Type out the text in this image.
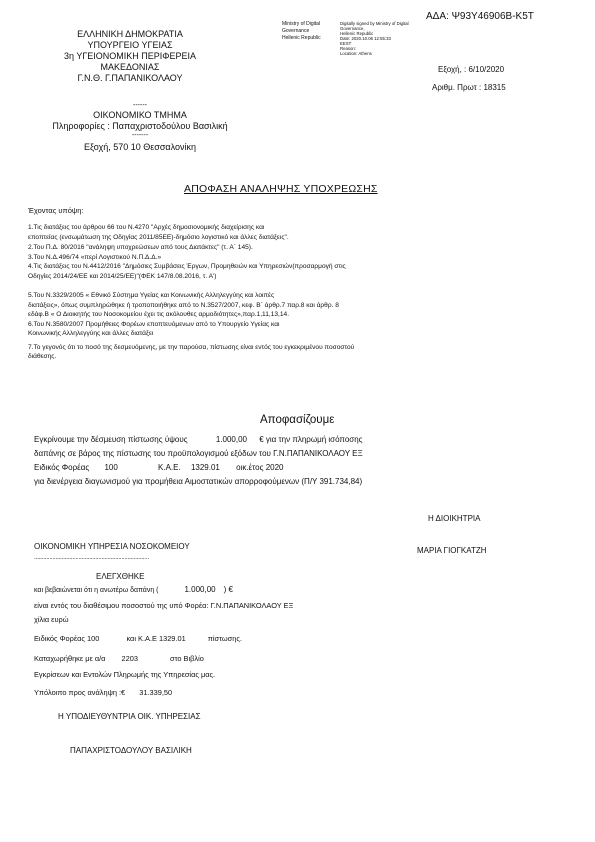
ΑΔΑ: Ψ93Υ46906Β-Κ5Τ
Ministry of Digital
Governance
Hellenic Republic
Digitally signed by Ministry of Digital
Governance,
Hellenic Republic
Date: 2020.10.06 12:55:33
EEST
Reason:
Location: Athens
ΕΛΛΗΝΙΚΗ ΔΗΜΟΚΡΑΤΙΑ
ΥΠΟΥΡΓΕΙΟ ΥΓΕΙΑΣ
3η ΥΓΕΙΟΝΟΜΙΚΗ ΠΕΡΙΦΕΡΕΙΑ
ΜΑΚΕΔΟΝΙΑΣ
Γ.Ν.Θ. Γ.ΠΑΠΑΝΙΚΟΛΑΟΥ
Εξοχή, : 6/10/2020
Αριθμ. Πρωτ : 18315
------
ΟΙΚΟΝΟΜΙΚΟ ΤΜΗΜΑ
Πληροφορίες : Παπαχριστοδούλου Βασιλική
-------
Εξοχή, 570 10 Θεσσαλονίκη
ΑΠΟΦΑΣΗ ΑΝΑΛΗΨΗΣ ΥΠΟΧΡΕΩΣΗΣ
Έχοντας υπόψη:
1.Τις διατάξεις του άρθρου 66 του Ν.4270 "Αρχές δημοσιονομικής διαχείρισης και
εποπτείας (ενσωμάτωση της Οδηγίας 2011/85ΕΕ)-δημόσιο λογιστικό και άλλες διατάξεις".
2.Του Π.Δ. 80/2016 "ανάληψη υποχρεώσεων από τους Διατάκτες" (τ. Α΄ 145).
3.Του Ν.Δ.496/74 «περί Λογιστικού Ν.Π.Δ.Δ.»
4.Τις διατάξεις του Ν.4412/2016 "Δημόσιες Συμβάσεις Έργων, Προμηθειών και Υπηρεσιών(προσαρμογή στις
Οδηγίες 2014/24/ΕΕ και 2014/25/ΕΕ)"(ΦΕΚ 147/8.08.2016, τ. Α')
5.Του Ν.3329/2005 « Εθνικό Σύστημα Υγείας και Κοινωνικής Αλληλεγγύης και λοιπές
διατάξεις», όπως συμπληρώθηκε ή τροποποιήθηκε από το Ν.3527/2007, κεφ. Β΄ άρθρ.7 παρ.8 και άρθρ. 8
εδάφ.Β « Ο Διοικητής του Νοσοκομείου έχει τις ακόλουθες αρμοδιότητες»,παρ.1,11,13,14.
6.Του Ν.3580/2007 Προμήθειες Φορέων εποπτευόμενων από το Υπουργείο Υγείας και
Κοινωνικής Αλληλεγγύης και άλλες διατάξει
7.Το γεγονός ότι το ποσό της δεσμευόμενης, με την παρούσα, πίστωσης είναι εντός του εγκεκριμένου ποσοστού
διάθεσης.
Αποφασίζουμε
Εγκρίνουμε την δέσμευση πίστωσης ύψους	1.000,00 € για την πληρωμή ισόποσης
δαπάνης σε βάρος της πίστωσης του προϋπολογισμού εξόδων του Γ.Ν.ΠΑΠΑΝΙΚΟΛΑΟΥ ΕΞ
Ειδικός Φορέας 100	Κ.Α.Ε. 1329.01 οικ.έτος 2020
για διενέργεια διαγωνισμού για προμήθεια Αιμοστατικών απορροφούμενων (Π/Υ 391.734,84)
Η ΔΙΟΙΚΗΤΡΙΑ
ΜΑΡΙΑ ΓΙΟΓΚΑΤΖΗ
ΟΙΚΟΝΟΜΙΚΗ ΥΠΗΡΕΣΙΑ ΝΟΣΟΚΟΜΕΙΟΥ
...........................................................................
ΕΛΕΓΧΘΗΚΕ
και βεβαιώνεται ότι η ανωτέρω δαπάνη (	1.000,00 ) €
είναι εντός του διαθέσιμου ποσοστού της υπό Φορέα: Γ.Ν.ΠΑΠΑΝΙΚΟΛΑΟΥ ΕΞ
χίλια ευρώ
Ειδικός Φορέας 100	και Κ.Α.Ε 1329.01	πίστωσης.
Καταχωρήθηκε με α/α 2203	στο Βιβλίο
Εγκρίσεων και Εντολών Πληρωμής της Υπηρεσίας μας.
Υπόλοιπο προς ανάληψη :€ 31.339,50
Η ΥΠΟΔΙΕΥΘΥΝΤΡΙΑ ΟΙΚ. ΥΠΗΡΕΣΙΑΣ
ΠΑΠΑΧΡΙΣΤΟΔΟΥΛΟΥ ΒΑΣΙΛΙΚΗ
